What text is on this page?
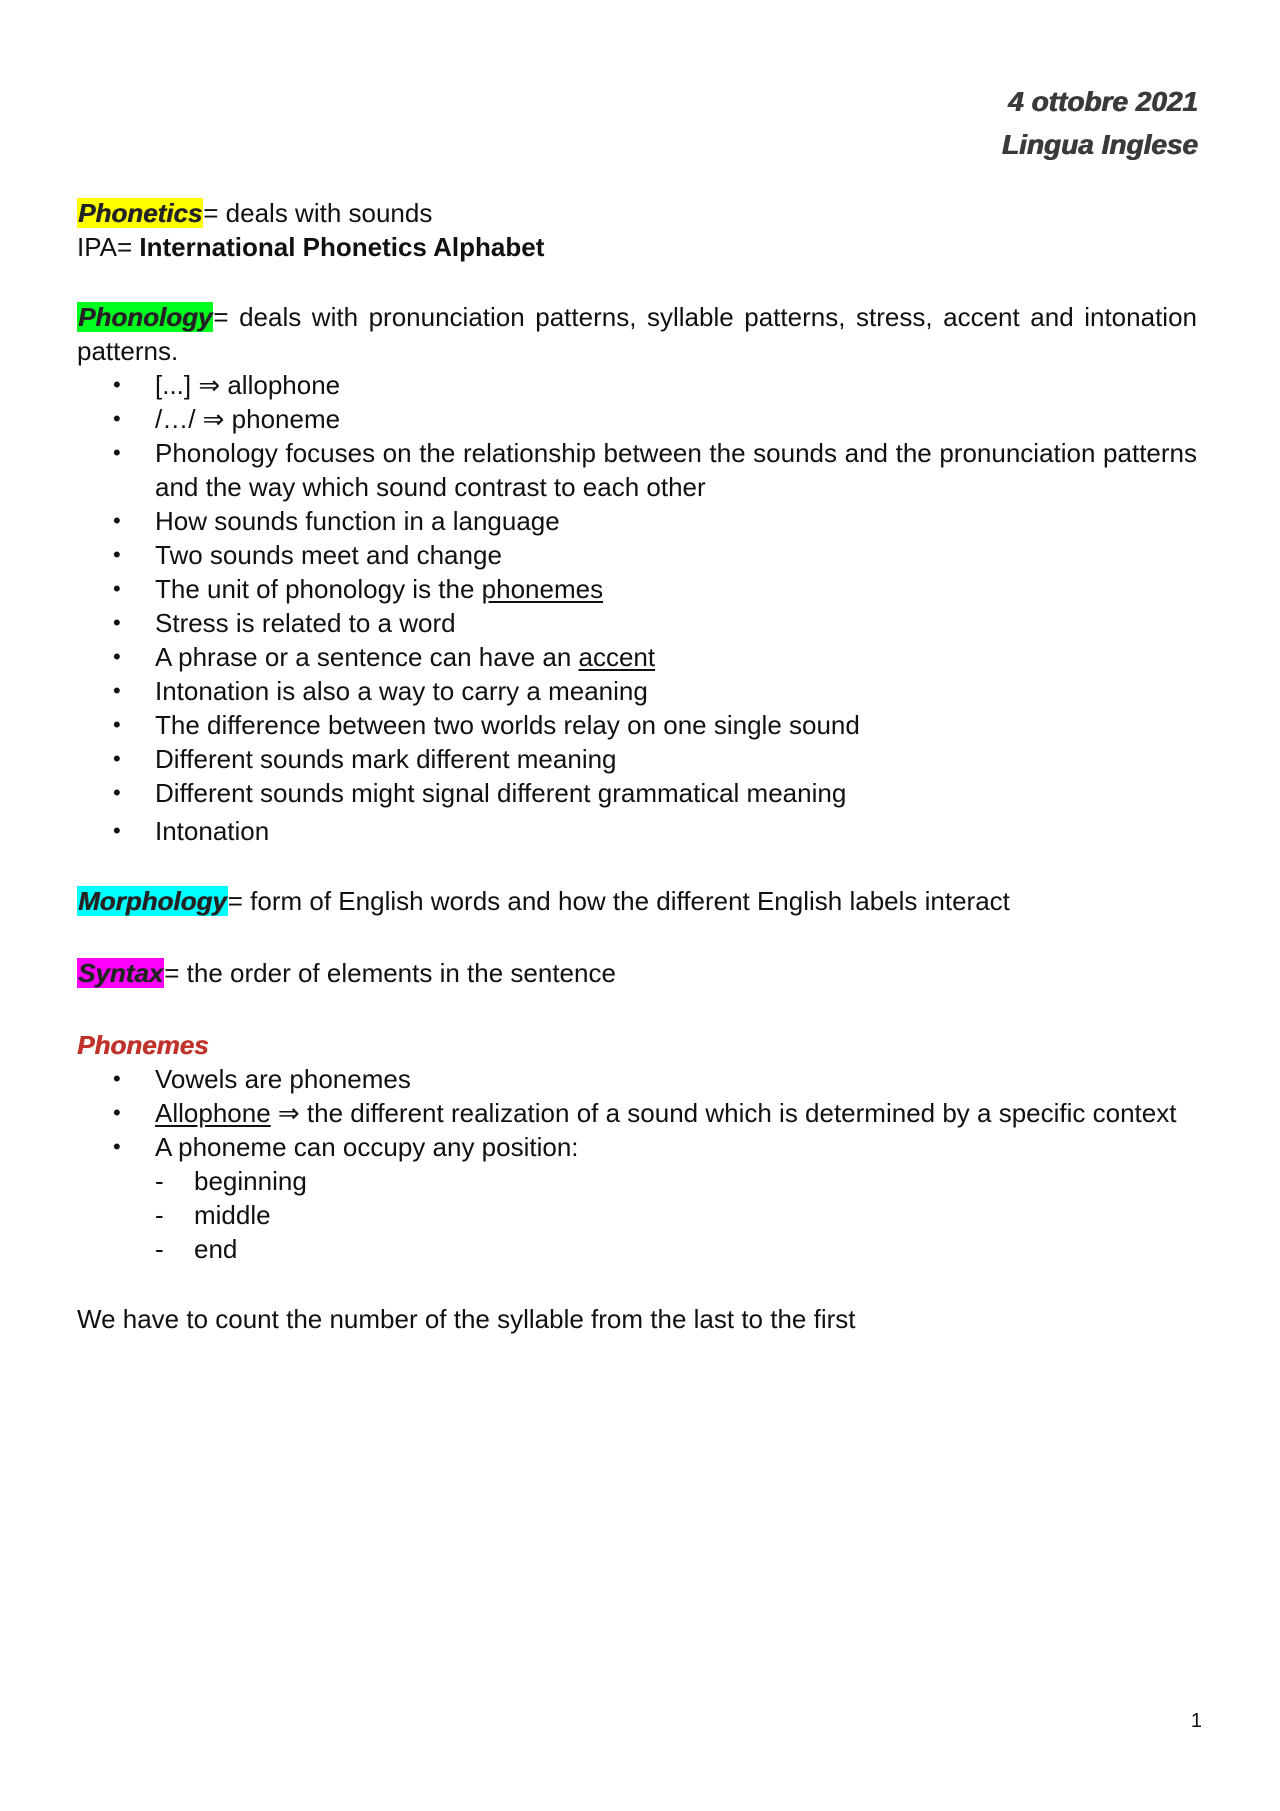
4 ottobre 2021
Lingua Inglese

Phonetics= deals with sounds

IPA= International Phonetics Alphabet

Phonology= deals with pronunciation patterns, syllable patterns, stress, accent and intonation patterns.

• [...] ⇒ allophone
• /…/ ⇒ phoneme
• Phonology focuses on the relationship between the sounds and the pronunciation patterns and the way which sound contrast to each other
• How sounds function in a language
• Two sounds meet and change
• The unit of phonology is the phonemes
• Stress is related to a word
• A phrase or a sentence can have an accent
• Intonation is also a way to carry a meaning
• The difference between two worlds relay on one single sound
• Different sounds mark different meaning
• Different sounds might signal different grammatical meaning
• Intonation

Morphology= form of English words and how the different English labels interact

Syntax= the order of elements in the sentence

Phonemes

• Vowels are phonemes
• Allophone ⇒ the different realization of a sound which is determined by a specific context
• A phoneme can occupy any position:
- beginning
- middle
- end

We have to count the number of the syllable from the last to the first

1
